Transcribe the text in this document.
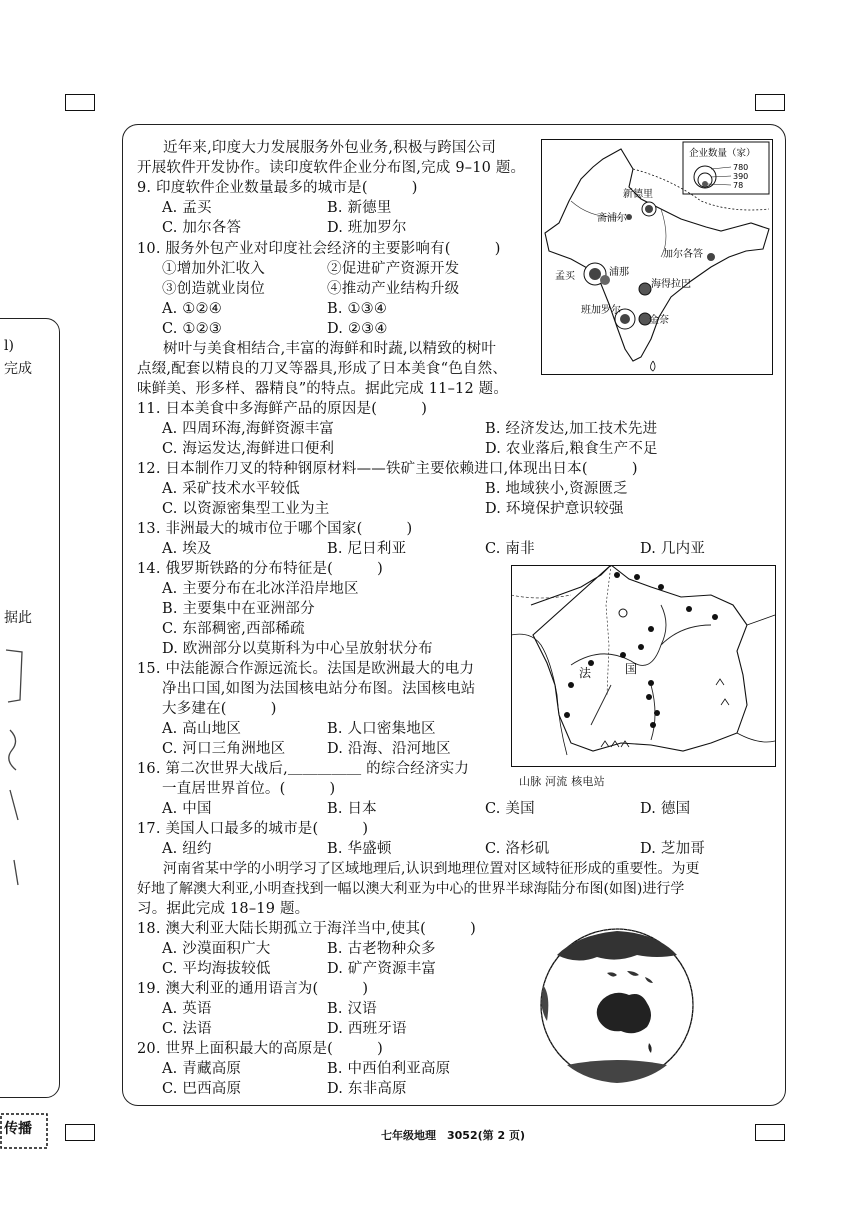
l)
完成
据此
传播
近年来,印度大力发展服务外包业务,积极与跨国公司
开展软件开发协作。读印度软件企业分布图,完成 9–10 题。
9. 印度软件企业数量最多的城市是(　　　)
A. 孟买	B. 新德里
C. 加尔各答	D. 班加罗尔
10. 服务外包产业对印度社会经济的主要影响有(　　　)
①增加外汇收入	②促进矿产资源开发
③创造就业岗位	④推动产业结构升级
A. ①②④	B. ①③④
C. ①②③	D. ②③④
树叶与美食相结合,丰富的海鲜和时蔬,以精致的树叶
点缀,配套以精良的刀叉等器具,形成了日本美食“色自然、
味鲜美、形多样、器精良”的特点。据此完成 11–12 题。
11. 日本美食中多海鲜产品的原因是(　　　)
A. 四周环海,海鲜资源丰富	B. 经济发达,加工技术先进
C. 海运发达,海鲜进口便利	D. 农业落后,粮食生产不足
12. 日本制作刀叉的特种钢原材料——铁矿主要依赖进口,体现出日本(　　　)
A. 采矿技术水平较低	B. 地域狭小,资源匮乏
C. 以资源密集型工业为主	D. 环境保护意识较强
13. 非洲最大的城市位于哪个国家(　　　)
A. 埃及	B. 尼日利亚	C. 南非	D. 几内亚
14. 俄罗斯铁路的分布特征是(　　　)
A. 主要分布在北冰洋沿岸地区
B. 主要集中在亚洲部分
C. 东部稠密,西部稀疏
D. 欧洲部分以莫斯科为中心呈放射状分布
15. 中法能源合作源远流长。法国是欧洲最大的电力
净出口国,如图为法国核电站分布图。法国核电站
大多建在(　　　)
A. 高山地区	B. 人口密集地区
C. 河口三角洲地区	D. 沿海、沿河地区
16. 第二次世界大战后,＿＿＿＿＿ 的综合经济实力
一直居世界首位。(　　　)
A. 中国	B. 日本	C. 美国	D. 德国
17. 美国人口最多的城市是(　　　)
A. 纽约	B. 华盛顿	C. 洛杉矶	D. 芝加哥
河南省某中学的小明学习了区域地理后,认识到地理位置对区域特征形成的重要性。为更
好地了解澳大利亚,小明查找到一幅以澳大利亚为中心的世界半球海陆分布图(如图)进行学
习。据此完成 18–19 题。
18. 澳大利亚大陆长期孤立于海洋当中,使其(　　　)
A. 沙漠面积广大	B. 古老物种众多
C. 平均海拔较低	D. 矿产资源丰富
19. 澳大利亚的通用语言为(　　　)
A. 英语	B. 汉语
C. 法语	D. 西班牙语
20. 世界上面积最大的高原是(　　　)
A. 青藏高原	B. 中西伯利亚高原
C. 巴西高原	D. 东非高原
企业数量（家）
780
390
78
新德里
斋浦尔
加尔各答
孟买	浦那
海得拉巴
班加罗尔
金奈
法	国
山脉 河流 核电站
七年级地理　3052(第 2 页)
